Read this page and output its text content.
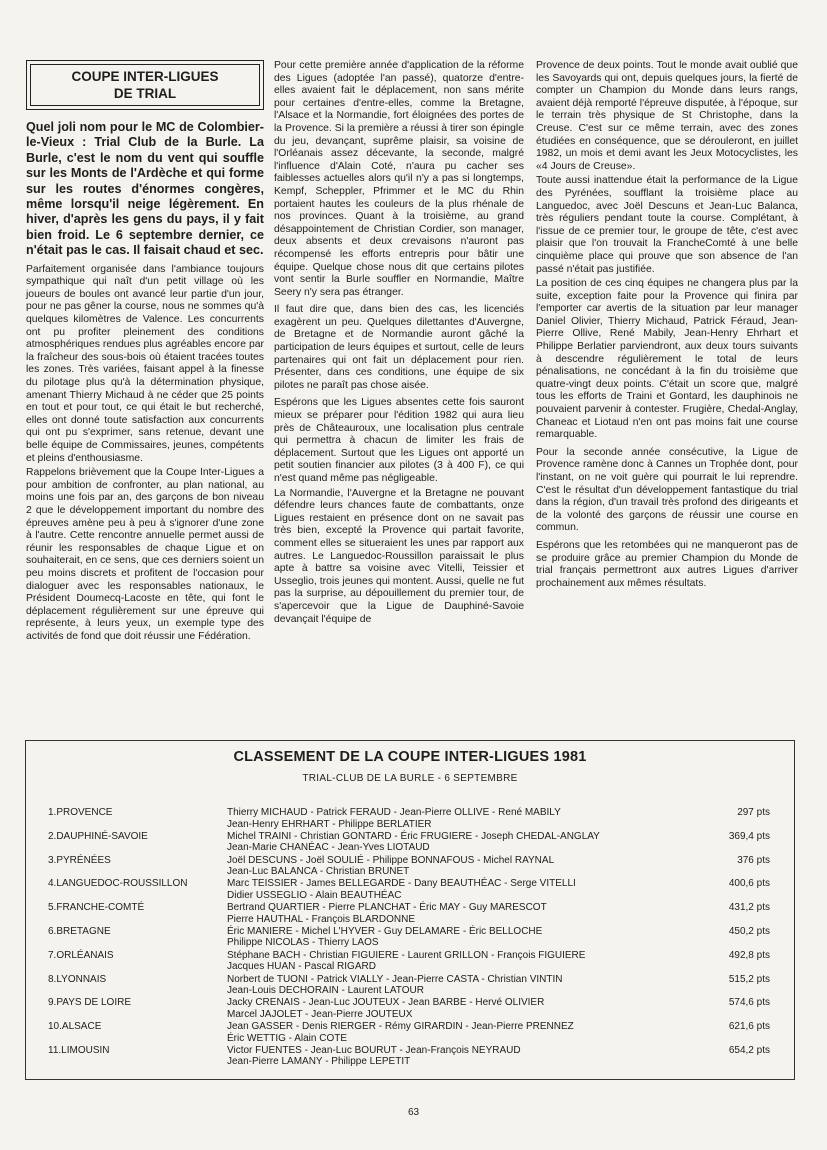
COUPE INTER-LIGUES
DE TRIAL

Quel joli nom pour le MC de Colombier-le-Vieux : Trial Club de la Burle. La Burle, c'est le nom du vent qui souffle sur les Monts de l'Ardèche et qui forme sur les routes d'énormes congères, même lorsqu'il neige légèrement. En hiver, d'après les gens du pays, il y fait bien froid. Le 6 septembre dernier, ce n'était pas le cas. Il faisait chaud et sec.

Parfaitement organisée dans l'ambiance toujours sympathique qui naît d'un petit village où les joueurs de boules ont avancé leur partie d'un jour, pour ne pas gêner la course, nous ne sommes qu'à quelques kilomètres de Valence. Les concurrents ont pu profiter pleinement des conditions atmosphériques rendues plus agréables encore par la fraîcheur des sous-bois où étaient tracées toutes les zones. Très variées, faisant appel à la finesse du pilotage plus qu'à la détermination physique, amenant Thierry Michaud à ne céder que 25 points en tout et pour tout, ce qui était le but recherché, elles ont donné toute satisfaction aux concurrents qui ont pu s'exprimer, sans retenue, devant une belle équipe de Commissaires, jeunes, compétents et pleins d'enthousiasme.

Rappelons brièvement que la Coupe Inter-Ligues a pour ambition de confronter, au plan national, au moins une fois par an, des garçons de bon niveau 2 que le développement important du nombre des épreuves amène peu à peu à s'ignorer d'une zone à l'autre. Cette rencontre annuelle permet aussi de réunir les responsables de chaque Ligue et on souhaiterait, en ce sens, que ces derniers soient un peu moins discrets et profitent de l'occasion pour dialoguer avec les responsables nationaux, le Président Doumecq-Lacoste en tête, qui font le déplacement régulièrement sur une épreuve qui représente, à leurs yeux, un exemple type des activités de fond que doit réussir une Fédération.

Pour cette première année d'application de la réforme des Ligues (adoptée l'an passé), quatorze d'entre-elles avaient fait le déplacement, non sans mérite pour certaines d'entre-elles, comme la Bretagne, l'Alsace et la Normandie, fort éloignées des portes de la Provence. Si la première a réussi à tirer son épingle du jeu, devançant, suprême plaisir, sa voisine de l'Orléanais assez décevante, la seconde, malgré l'influence d'Alain Coté, n'aura pu cacher ses faiblesses actuelles alors qu'il n'y a pas si longtemps, Kempf, Scheppler, Pfrimmer et le MC du Rhin portaient hautes les couleurs de la plus rhénale de nos provinces. Quant à la troisième, au grand désappointement de Christian Cordier, son manager, deux absents et deux crevaisons n'auront pas récompensé les efforts entrepris pour bâtir une équipe. Quelque chose nous dit que certains pilotes vont sentir la Burle souffler en Normandie, Maître Seery n'y sera pas étranger.

Il faut dire que, dans bien des cas, les licenciés exagèrent un peu. Quelques dilettantes d'Auvergne, de Bretagne et de Normandie auront gâché la participation de leurs équipes et surtout, celle de leurs partenaires qui ont fait un déplacement pour rien. Présenter, dans ces conditions, une équipe de six pilotes ne paraît pas chose aisée.

Espérons que les Ligues absentes cette fois sauront mieux se préparer pour l'édition 1982 qui aura lieu près de Châteauroux, une localisation plus centrale qui permettra à chacun de limiter les frais de déplacement. Surtout que les Ligues ont apporté un petit soutien financier aux pilotes (3 à 400 F), ce qui n'est quand même pas négligeable.

La Normandie, l'Auvergne et la Bretagne ne pouvant défendre leurs chances faute de combattants, onze Ligues restaient en présence dont on ne savait pas très bien, excepté la Provence qui partait favorite, comment elles se situeraient les unes par rapport aux autres. Le Languedoc-Roussillon paraissait le plus apte à battre sa voisine avec Vitelli, Teissier et Usseglio, trois jeunes qui montent. Aussi, quelle ne fut pas la surprise, au dépouillement du premier tour, de s'apercevoir que la Ligue de Dauphiné-Savoie devançait l'équipe de

Provence de deux points. Tout le monde avait oublié que les Savoyards qui ont, depuis quelques jours, la fierté de compter un Champion du Monde dans leurs rangs, avaient déjà remporté l'épreuve disputée, à l'époque, sur le terrain très physique de St Christophe, dans la Creuse. C'est sur ce même terrain, avec des zones étudiées en conséquence, que se dérouleront, en juillet 1982, un mois et demi avant les Jeux Motocyclistes, les «4 Jours de Creuse».

Toute aussi inattendue était la performance de la Ligue des Pyrénées, soufflant la troisième place au Languedoc, avec Joël Descuns et Jean-Luc Balanca, très réguliers pendant toute la course. Complétant, à l'issue de ce premier tour, le groupe de tête, c'est avec plaisir que l'on trouvait la FrancheComté à une belle cinquième place qui prouve que son absence de l'an passé n'était pas justifiée.

La position de ces cinq équipes ne changera plus par la suite, exception faite pour la Provence qui finira par l'emporter car avertis de la situation par leur manager Daniel Olivier, Thierry Michaud, Patrick Féraud, Jean-Pierre Ollive, René Mabily, Jean-Henry Ehrhart et Philippe Berlatier parviendront, aux deux tours suivants à descendre régulièrement le total de leurs pénalisations, ne concédant à la fin du troisième que quatre-vingt deux points. C'était un score que, malgré tous les efforts de Traini et Gontard, les dauphinois ne pouvaient parvenir à contester. Frugière, Chedal-Anglay, Chaneac et Liotaud n'en ont pas moins fait une course remarquable.

Pour la seconde année consécutive, la Ligue de Provence ramène donc à Cannes un Trophée dont, pour l'instant, on ne voit guère qui pourrait le lui reprendre. C'est le résultat d'un développement fantastique du trial dans la région, d'un travail très profond des dirigeants et de la volonté des garçons de réussir une course en commun.

Espérons que les retombées qui ne manqueront pas de se produire grâce au premier Champion du Monde de trial français permettront aux autres Ligues d'arriver prochainement aux mêmes résultats.

CLASSEMENT DE LA COUPE INTER-LIGUES 1981
TRIAL-CLUB DE LA BURLE - 6 SEPTEMBRE
1.PROVENCE	Thierry MICHAUD - Patrick FERAUD - Jean-Pierre OLLIVE - René MABILY
Jean-Henry EHRHART - Philippe BERLATIER
297 pts
2.DAUPHINÉ-SAVOIE	Michel TRAINI - Christian GONTARD - Éric FRUGIERE - Joseph CHEDAL-ANGLAY
Jean-Marie CHANÉAC - Jean-Yves LIOTAUD
369,4 pts
3.PYRÉNÉES	Joël DESCUNS - Joël SOULIÉ - Philippe BONNAFOUS - Michel RAYNAL
Jean-Luc BALANCA - Christian BRUNET
376 pts
4.LANGUEDOC-ROUSSILLON	Marc TEISSIER - James BELLEGARDE - Dany BEAUTHÉAC - Serge VITELLI
Didier USSEGLIO - Alain BEAUTHÉAC
400,6 pts
5.FRANCHE-COMTÉ	Bertrand QUARTIER - Pierre PLANCHAT - Éric MAY - Guy MARESCOT
Pierre HAUTHAL - François BLARDONNE
431,2 pts
6.BRETAGNE	Éric MANIERE - Michel L'HYVER - Guy DELAMARE - Éric BELLOCHE
Philippe NICOLAS - Thierry LAOS
450,2 pts
7.ORLÉANAIS	Stéphane BACH - Christian FIGUIERE - Laurent GRILLON - François FIGUIERE
Jacques HUAN - Pascal RIGARD
492,8 pts
8.LYONNAIS	Norbert de TUONI - Patrick VIALLY - Jean-Pierre CASTA - Christian VINTIN
Jean-Louis DECHORAIN - Laurent LATOUR
515,2 pts
9.PAYS DE LOIRE	Jacky CRENAIS - Jean-Luc JOUTEUX - Jean BARBE - Hervé OLIVIER
Marcel JAJOLET - Jean-Pierre JOUTEUX
574,6 pts
10.ALSACE	Jean GASSER - Denis RIERGER - Rémy GIRARDIN - Jean-Pierre PRENNEZ
Éric WETTIG - Alain COTE
621,6 pts
11.LIMOUSIN	Victor FUENTES - Jean-Luc BOURUT - Jean-François NEYRAUD
Jean-Pierre LAMANY - Philippe LEPETIT
654,2 pts
63
